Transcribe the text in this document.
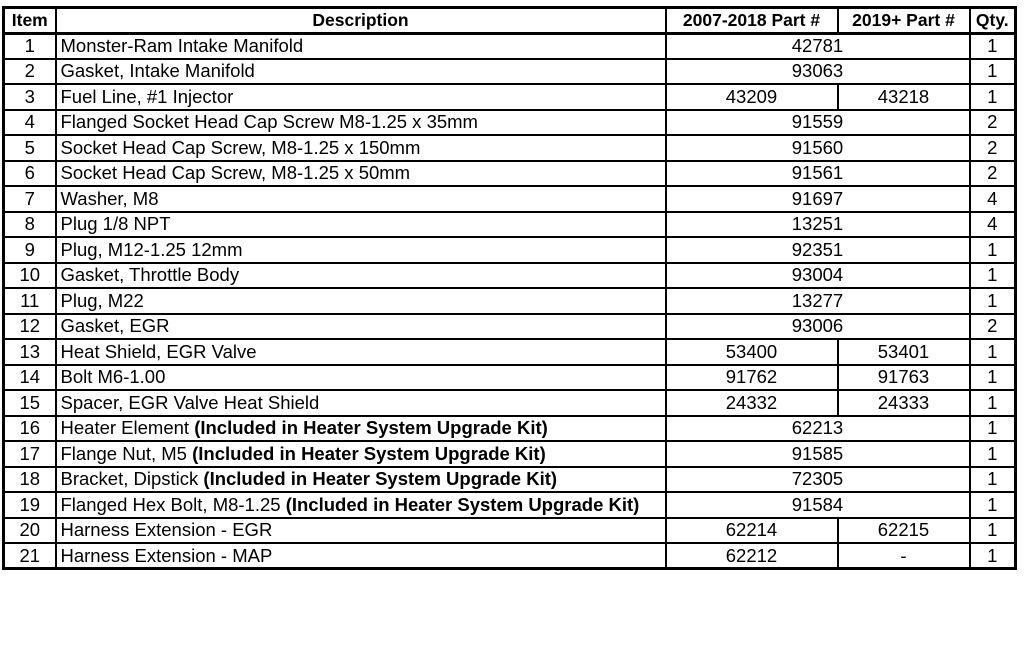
Item	Description	2007-2018 Part #	2019+ Part #	Qty.
1	Monster-Ram Intake Manifold	42781		1
2	Gasket, Intake Manifold	93063		1
3	Fuel Line, #1 Injector	43209	43218	1
4	Flanged Socket Head Cap Screw M8-1.25 x 35mm	91559		2
5	Socket Head Cap Screw, M8-1.25 x 150mm	91560		2
6	Socket Head Cap Screw, M8-1.25 x 50mm	91561		2
7	Washer, M8	91697		4
8	Plug 1/8 NPT	13251		4
9	Plug, M12-1.25 12mm	92351		1
10	Gasket, Throttle Body	93004		1
11	Plug, M22	13277		1
12	Gasket, EGR	93006		2
13	Heat Shield, EGR Valve	53400	53401	1
14	Bolt M6-1.00	91762	91763	1
15	Spacer, EGR Valve Heat Shield	24332	24333	1
16	Heater Element (Included in Heater System Upgrade Kit)	62213		1
17	Flange Nut, M5 (Included in Heater System Upgrade Kit)	91585		1
18	Bracket, Dipstick (Included in Heater System Upgrade Kit)	72305		1
19	Flanged Hex Bolt, M8-1.25 (Included in Heater System Upgrade Kit)	91584		1
20	Harness Extension - EGR	62214	62215	1
21	Harness Extension - MAP	62212	-	1
